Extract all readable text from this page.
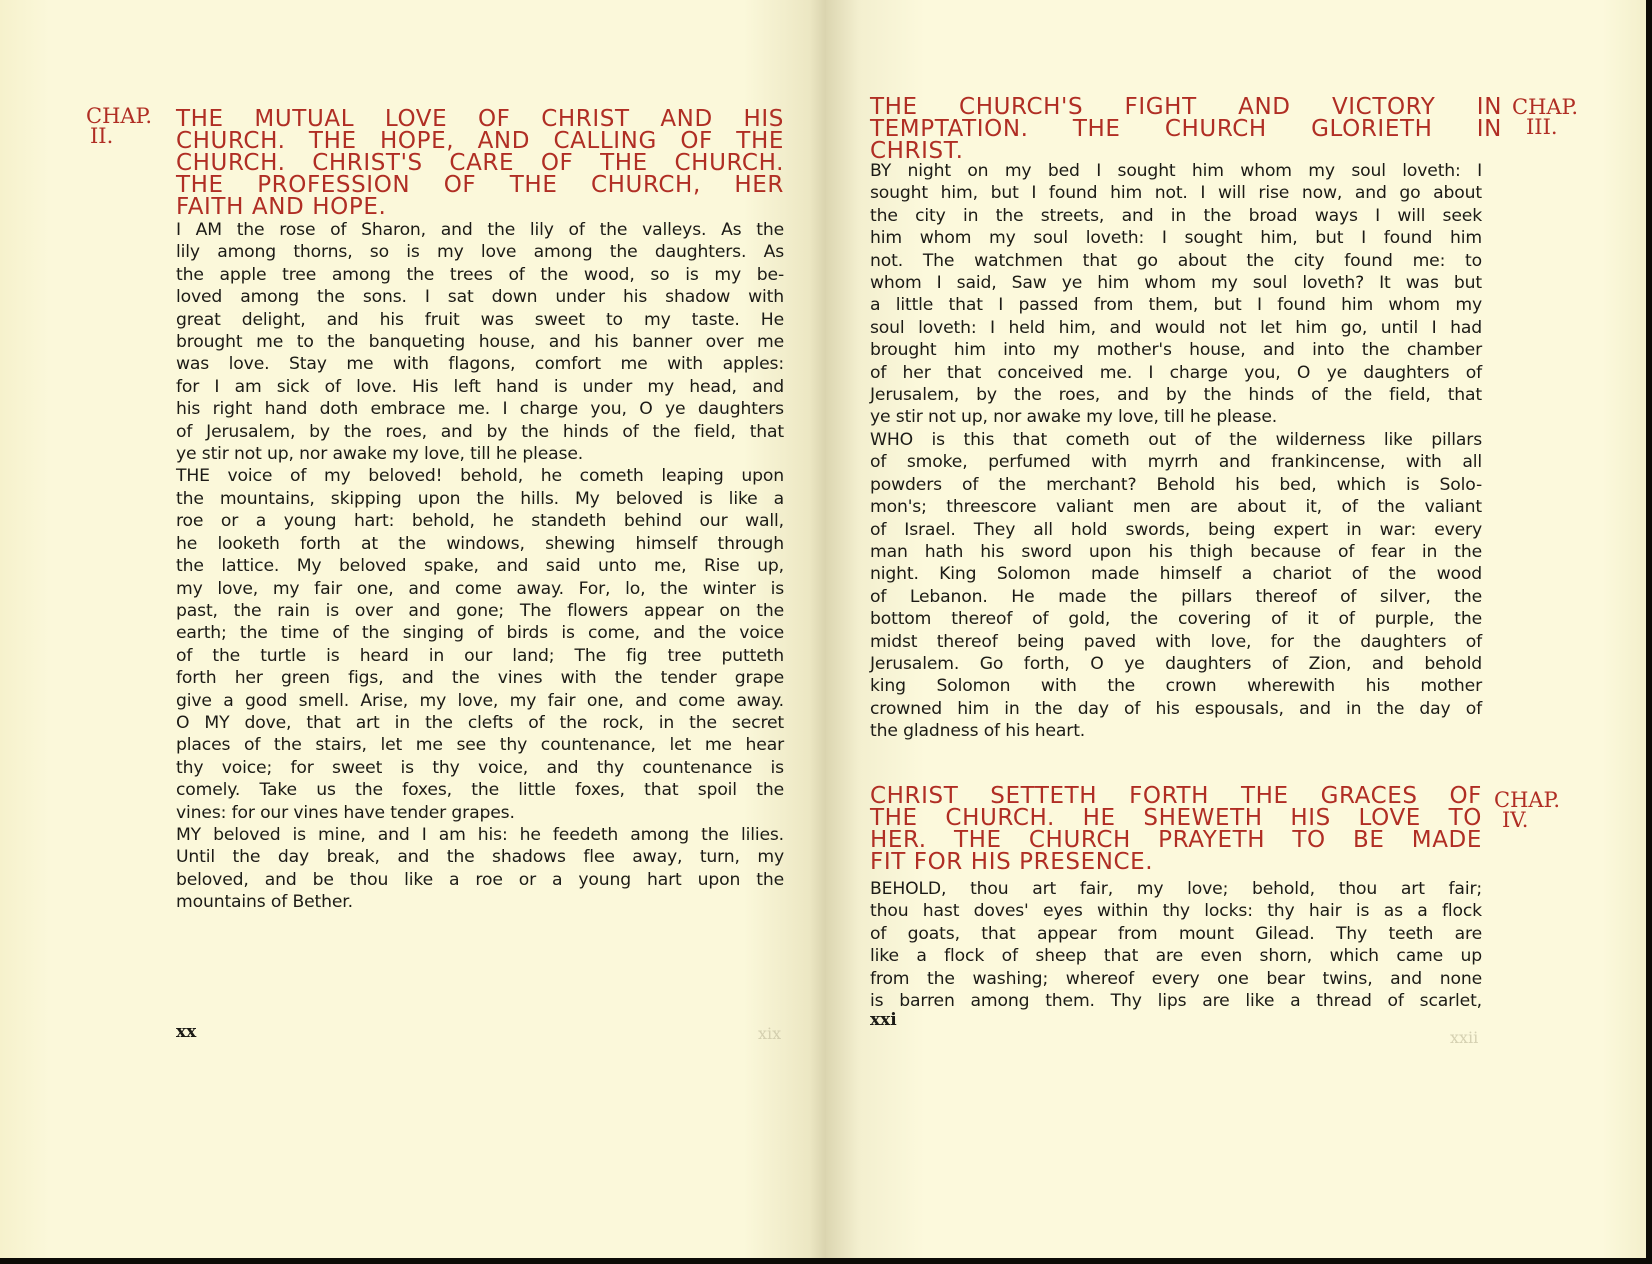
CHAP.
II.
THE MUTUAL LOVE OF CHRIST AND HIS
CHURCH. THE HOPE, AND CALLING OF THE
CHURCH. CHRIST'S CARE OF THE CHURCH.
THE PROFESSION OF THE CHURCH, HER
FAITH AND HOPE.
I AM the rose of Sharon, and the lily of the valleys. As the
lily among thorns, so is my love among the daughters. As
the apple tree among the trees of the wood, so is my be-
loved among the sons. I sat down under his shadow with
great delight, and his fruit was sweet to my taste. He
brought me to the banqueting house, and his banner over me
was love. Stay me with flagons, comfort me with apples:
for I am sick of love. His left hand is under my head, and
his right hand doth embrace me. I charge you, O ye daughters
of Jerusalem, by the roes, and by the hinds of the field, that
ye stir not up, nor awake my love, till he please.
THE voice of my beloved! behold, he cometh leaping upon
the mountains, skipping upon the hills. My beloved is like a
roe or a young hart: behold, he standeth behind our wall,
he looketh forth at the windows, shewing himself through
the lattice. My beloved spake, and said unto me, Rise up,
my love, my fair one, and come away. For, lo, the winter is
past, the rain is over and gone; The flowers appear on the
earth; the time of the singing of birds is come, and the voice
of the turtle is heard in our land; The fig tree putteth
forth her green figs, and the vines with the tender grape
give a good smell. Arise, my love, my fair one, and come away.
O MY dove, that art in the clefts of the rock, in the secret
places of the stairs, let me see thy countenance, let me hear
thy voice; for sweet is thy voice, and thy countenance is
comely. Take us the foxes, the little foxes, that spoil the
vines: for our vines have tender grapes.
MY beloved is mine, and I am his: he feedeth among the lilies.
Until the day break, and the shadows flee away, turn, my
beloved, and be thou like a roe or a young hart upon the
mountains of Bether.
xx	xix
THE CHURCH'S FIGHT AND VICTORY IN
TEMPTATION. THE CHURCH GLORIETH IN
CHRIST.
CHAP.
III.
BY night on my bed I sought him whom my soul loveth: I
sought him, but I found him not. I will rise now, and go about
the city in the streets, and in the broad ways I will seek
him whom my soul loveth: I sought him, but I found him
not. The watchmen that go about the city found me: to
whom I said, Saw ye him whom my soul loveth? It was but
a little that I passed from them, but I found him whom my
soul loveth: I held him, and would not let him go, until I had
brought him into my mother's house, and into the chamber
of her that conceived me. I charge you, O ye daughters of
Jerusalem, by the roes, and by the hinds of the field, that
ye stir not up, nor awake my love, till he please.
WHO is this that cometh out of the wilderness like pillars
of smoke, perfumed with myrrh and frankincense, with all
powders of the merchant? Behold his bed, which is Solo-
mon's; threescore valiant men are about it, of the valiant
of Israel. They all hold swords, being expert in war: every
man hath his sword upon his thigh because of fear in the
night. King Solomon made himself a chariot of the wood
of Lebanon. He made the pillars thereof of silver, the
bottom thereof of gold, the covering of it of purple, the
midst thereof being paved with love, for the daughters of
Jerusalem. Go forth, O ye daughters of Zion, and behold
king Solomon with the crown wherewith his mother
crowned him in the day of his espousals, and in the day of
the gladness of his heart.
CHRIST SETTETH FORTH THE GRACES OF
THE CHURCH. HE SHEWETH HIS LOVE TO
HER. THE CHURCH PRAYETH TO BE MADE
FIT FOR HIS PRESENCE.
CHAP.
IV.
BEHOLD, thou art fair, my love; behold, thou art fair;
thou hast doves' eyes within thy locks: thy hair is as a flock
of goats, that appear from mount Gilead. Thy teeth are
like a flock of sheep that are even shorn, which came up
from the washing; whereof every one bear twins, and none
is barren among them. Thy lips are like a thread of scarlet,
xxi
xxii
